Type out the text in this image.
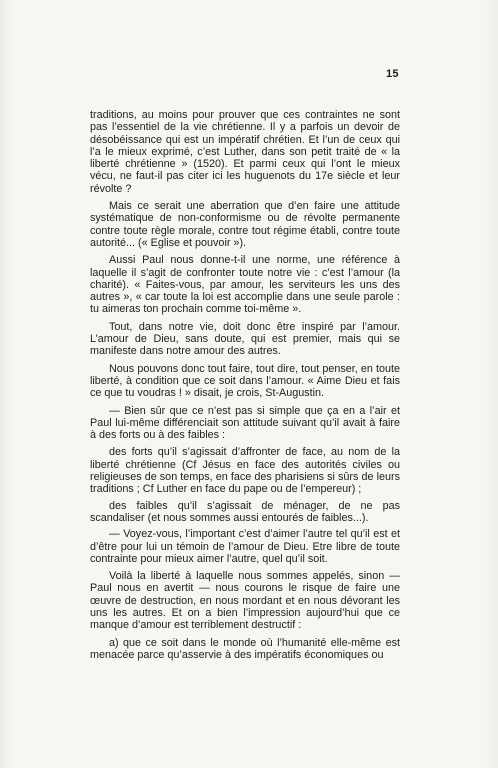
15

traditions, au moins pour prouver que ces contraintes ne sont pas l’essentiel de la vie chrétienne. Il y a parfois un devoir de désobéissance qui est un impératif chrétien. Et l’un de ceux qui l’a le mieux exprimé, c’est Luther, dans son petit traité de « la liberté chrétienne » (1520). Et parmi ceux qui l’ont le mieux vécu, ne faut-il pas citer ici les huguenots du 17e siècle et leur révolte ?

Mais ce serait une aberration que d’en faire une attitude systématique de non-conformisme ou de révolte permanente contre toute règle morale, contre tout régime établi, contre toute autorité... (« Eglise et pouvoir »).

Aussi Paul nous donne-t-il une norme, une référence à laquelle il s’agit de confronter toute notre vie : c’est l’amour (la charité). « Faites-vous, par amour, les serviteurs les uns des autres », « car toute la loi est accomplie dans une seule parole : tu aimeras ton prochain comme toi-même ».

Tout, dans notre vie, doit donc être inspiré par l’amour. L’amour de Dieu, sans doute, qui est premier, mais qui se manifeste dans notre amour des autres.

Nous pouvons donc tout faire, tout dire, tout penser, en toute liberté, à condition que ce soit dans l’amour. « Aime Dieu et fais ce que tu voudras ! » disait, je crois, St-Augustin.

— Bien sûr que ce n’est pas si simple que ça en a l’air et Paul lui-même différenciait son attitude suivant qu’il avait à faire à des forts ou à des faibles :

des forts qu’il s’agissait d’affronter de face, au nom de la liberté chrétienne (Cf Jésus en face des autorités civiles ou religieuses de son temps, en face des pharisiens si sûrs de leurs traditions ; Cf Luther en face du pape ou de l’empereur) ;

des faibles qu’il s’agissait de ménager, de ne pas scandaliser (et nous sommes aussi entourés de faibles...).

— Voyez-vous, l’important c’est d’aimer l’autre tel qu’il est et d’être pour lui un témoin de l’amour de Dieu. Etre libre de toute contrainte pour mieux aimer l’autre, quel qu’il soit.

Voilà la liberté à laquelle nous sommes appelés, sinon — Paul nous en avertit — nous courons le risque de faire une œuvre de destruction, en nous mordant et en nous dévorant les uns les autres. Et on a bien l’impression aujourd’hui que ce manque d’amour est terriblement destructif :

a) que ce soit dans le monde où l’humanité elle-même est menacée parce qu’asservie à des impératifs économiques ou
